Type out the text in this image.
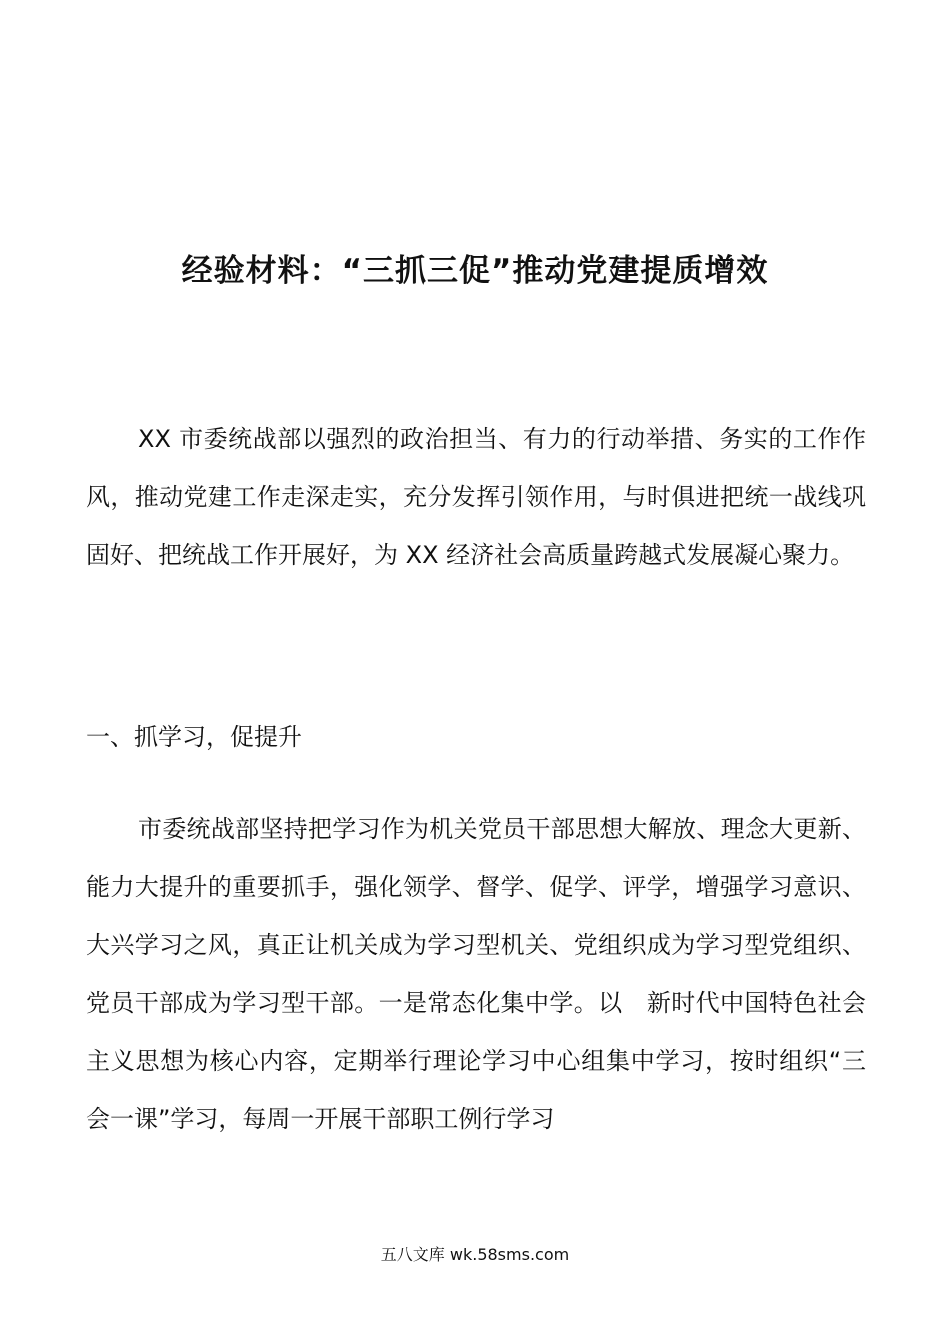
经验材料：“三抓三促”推动党建提质增效

XX 市委统战部以强烈的政治担当、有力的行动举措、务实的工作作风，推动党建工作走深走实，充分发挥引领作用，与时俱进把统一战线巩固好、把统战工作开展好，为 XX 经济社会高质量跨越式发展凝心聚力。

一、抓学习，促提升

市委统战部坚持把学习作为机关党员干部思想大解放、理念大更新、能力大提升的重要抓手，强化领学、督学、促学、评学，增强学习意识、大兴学习之风，真正让机关成为学习型机关、党组织成为学习型党组织、党员干部成为学习型干部。一是常态化集中学。以　新时代中国特色社会主义思想为核心内容，定期举行理论学习中心组集中学习，按时组织“三会一课”学习，每周一开展干部职工例行学习

五八文库 wk.58sms.com
